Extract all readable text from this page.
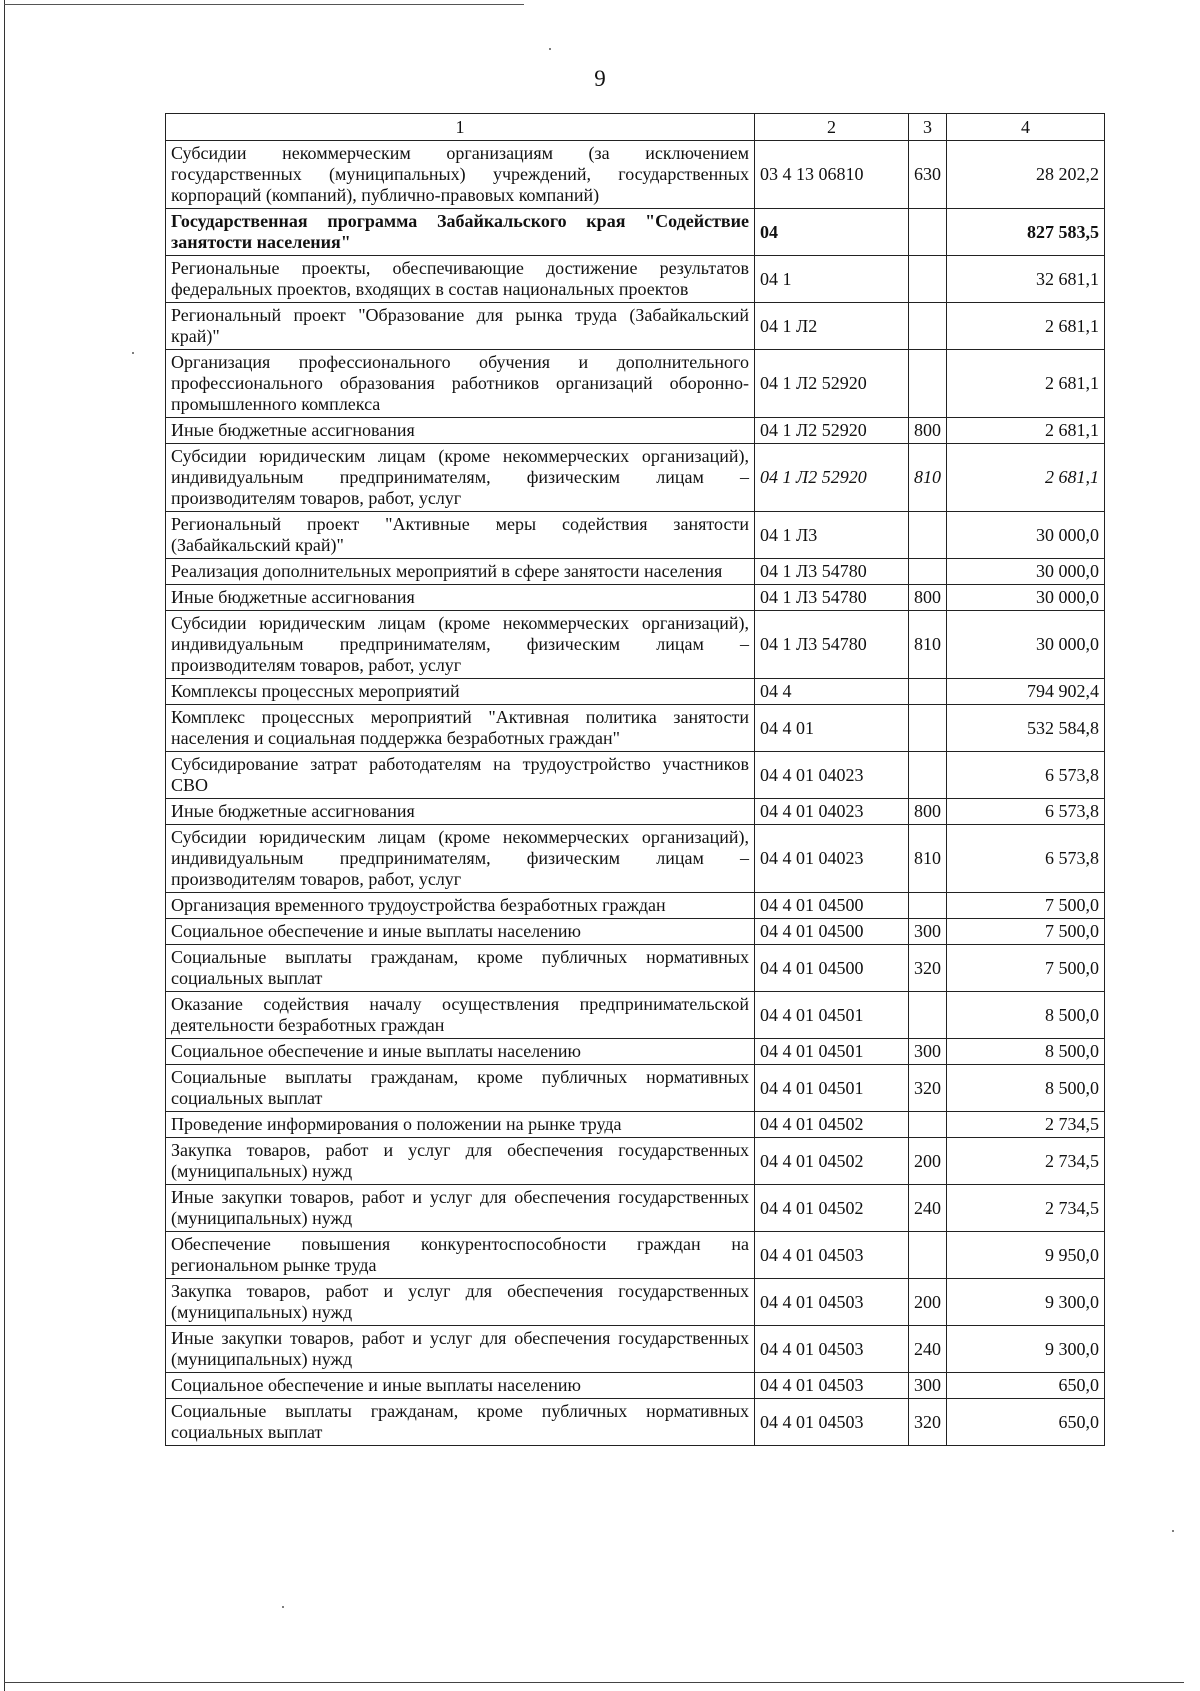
9
1	2	3	4
Субсидии некоммерческим организациям (за исключением государственных (муниципальных) учреждений, государственных корпораций (компаний), публично-правовых компаний)	03 4 13 06810	630	28 202,2
Государственная программа Забайкальского края "Содействие занятости населения"	04		827 583,5
Региональные проекты, обеспечивающие достижение результатов федеральных проектов, входящих в состав национальных проектов	04 1		32 681,1
Региональный проект "Образование для рынка труда (Забайкальский край)"	04 1 Л2		2 681,1
Организация профессионального обучения и дополнительного профессионального образования работников организаций оборонно-промышленного комплекса	04 1 Л2 52920		2 681,1
Иные бюджетные ассигнования	04 1 Л2 52920	800	2 681,1
Субсидии юридическим лицам (кроме некоммерческих организаций), индивидуальным предпринимателям, физическим лицам – производителям товаров, работ, услуг	04 1 Л2 52920	810	2 681,1
Региональный проект "Активные меры содействия занятости (Забайкальский край)"	04 1 Л3		30 000,0
Реализация дополнительных мероприятий в сфере занятости населения	04 1 Л3 54780		30 000,0
Иные бюджетные ассигнования	04 1 Л3 54780	800	30 000,0
Субсидии юридическим лицам (кроме некоммерческих организаций), индивидуальным предпринимателям, физическим лицам – производителям товаров, работ, услуг	04 1 Л3 54780	810	30 000,0
Комплексы процессных мероприятий	04 4		794 902,4
Комплекс процессных мероприятий "Активная политика занятости населения и социальная поддержка безработных граждан"	04 4 01		532 584,8
Субсидирование затрат работодателям на трудоустройство участников СВО	04 4 01 04023		6 573,8
Иные бюджетные ассигнования	04 4 01 04023	800	6 573,8
Субсидии юридическим лицам (кроме некоммерческих организаций), индивидуальным предпринимателям, физическим лицам – производителям товаров, работ, услуг	04 4 01 04023	810	6 573,8
Организация временного трудоустройства безработных граждан	04 4 01 04500		7 500,0
Социальное обеспечение и иные выплаты населению	04 4 01 04500	300	7 500,0
Социальные выплаты гражданам, кроме публичных нормативных социальных выплат	04 4 01 04500	320	7 500,0
Оказание содействия началу осуществления предпринимательской деятельности безработных граждан	04 4 01 04501		8 500,0
Социальное обеспечение и иные выплаты населению	04 4 01 04501	300	8 500,0
Социальные выплаты гражданам, кроме публичных нормативных социальных выплат	04 4 01 04501	320	8 500,0
Проведение информирования о положении на рынке труда	04 4 01 04502		2 734,5
Закупка товаров, работ и услуг для обеспечения государственных (муниципальных) нужд	04 4 01 04502	200	2 734,5
Иные закупки товаров, работ и услуг для обеспечения государственных (муниципальных) нужд	04 4 01 04502	240	2 734,5
Обеспечение повышения конкурентоспособности граждан на региональном рынке труда	04 4 01 04503		9 950,0
Закупка товаров, работ и услуг для обеспечения государственных (муниципальных) нужд	04 4 01 04503	200	9 300,0
Иные закупки товаров, работ и услуг для обеспечения государственных (муниципальных) нужд	04 4 01 04503	240	9 300,0
Социальное обеспечение и иные выплаты населению	04 4 01 04503	300	650,0
Социальные выплаты гражданам, кроме публичных нормативных социальных выплат	04 4 01 04503	320	650,0
